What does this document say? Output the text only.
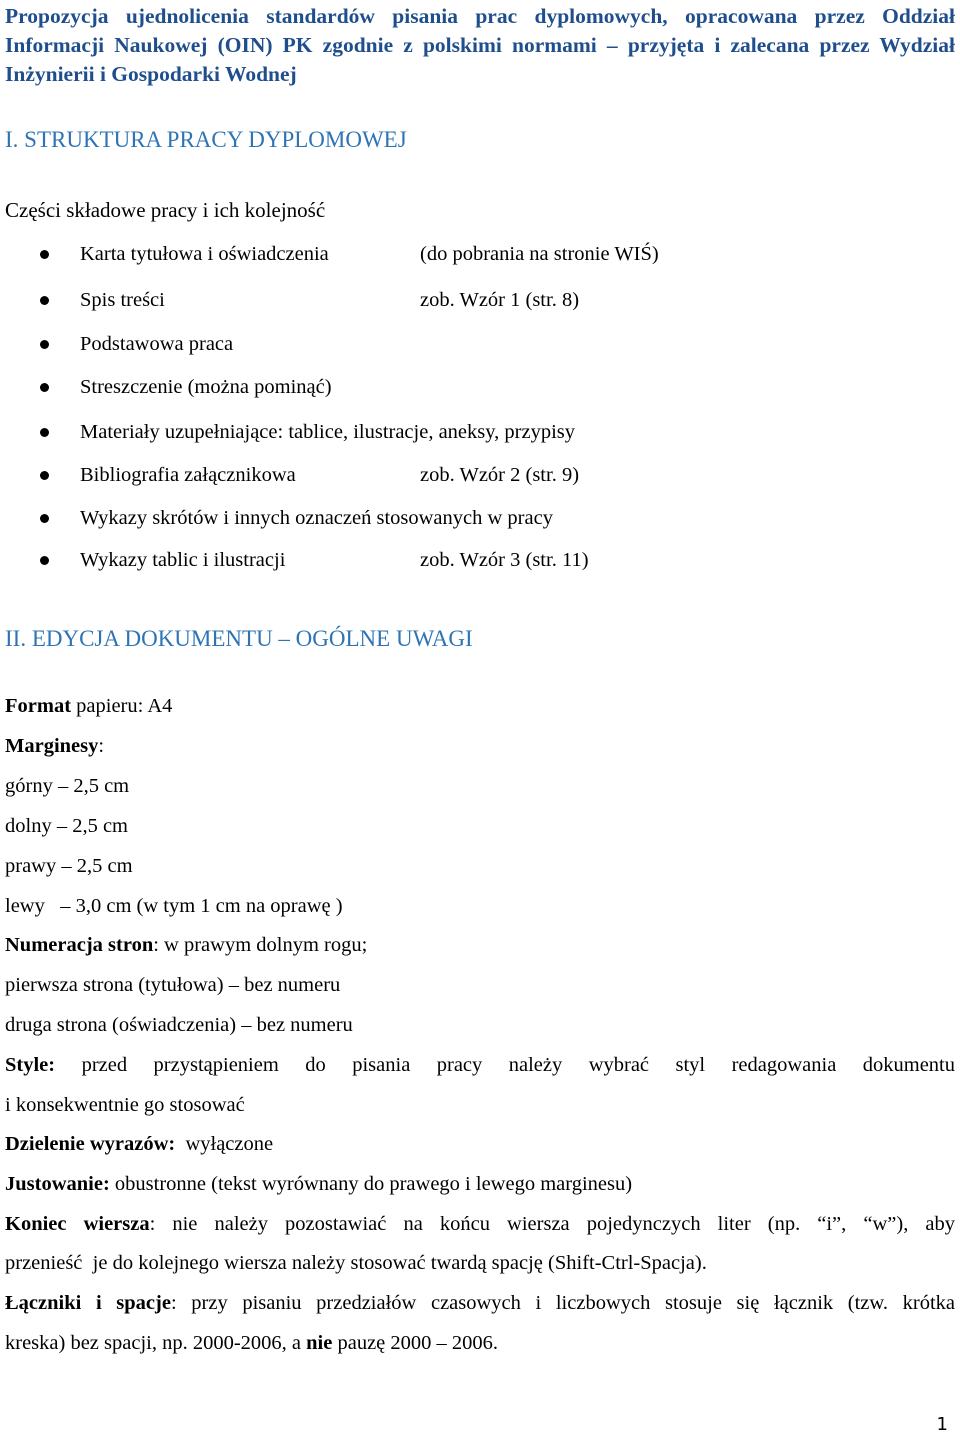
Propozycja ujednolicenia standardów pisania prac dyplomowych, opracowana przez Oddział Informacji Naukowej (OIN) PK zgodnie z polskimi normami – przyjęta i zalecana przez Wydział Inżynierii i Gospodarki Wodnej
I. STRUKTURA PRACY DYPLOMOWEJ
Części składowe pracy i ich kolejność
Karta tytułowa i oświadczenia	(do pobrania na stronie WIŚ)
Spis treści	zob. Wzór 1 (str. 8)
Podstawowa praca
Streszczenie (można pominąć)
Materiały uzupełniające: tablice, ilustracje, aneksy, przypisy
Bibliografia załącznikowa	zob. Wzór 2 (str. 9)
Wykazy skrótów i innych oznaczeń stosowanych w pracy
Wykazy tablic i ilustracji	zob. Wzór 3 (str. 11)
II. EDYCJA DOKUMENTU – OGÓLNE UWAGI
Format papieru: A4
Marginesy:
górny – 2,5 cm
dolny – 2,5 cm
prawy – 2,5 cm
lewy   – 3,0 cm (w tym 1 cm na oprawę )
Numeracja stron: w prawym dolnym rogu;
pierwsza strona (tytułowa) – bez numeru
druga strona (oświadczenia) – bez numeru
Style: przed przystąpieniem do pisania pracy należy wybrać styl redagowania dokumentu
i konsekwentnie go stosować
Dzielenie wyrazów:  wyłączone
Justowanie: obustronne (tekst wyrównany do prawego i lewego marginesu)
Koniec wiersza: nie należy pozostawiać na końcu wiersza pojedynczych liter (np. “i”, “w”), aby
przenieść  je do kolejnego wiersza należy stosować twardą spację (Shift-Ctrl-Spacja).
Łączniki i spacje: przy pisaniu przedziałów czasowych i liczbowych stosuje się łącznik (tzw. krótka
kreska) bez spacji, np. 2000-2006, a nie pauzę 2000 – 2006.
1
